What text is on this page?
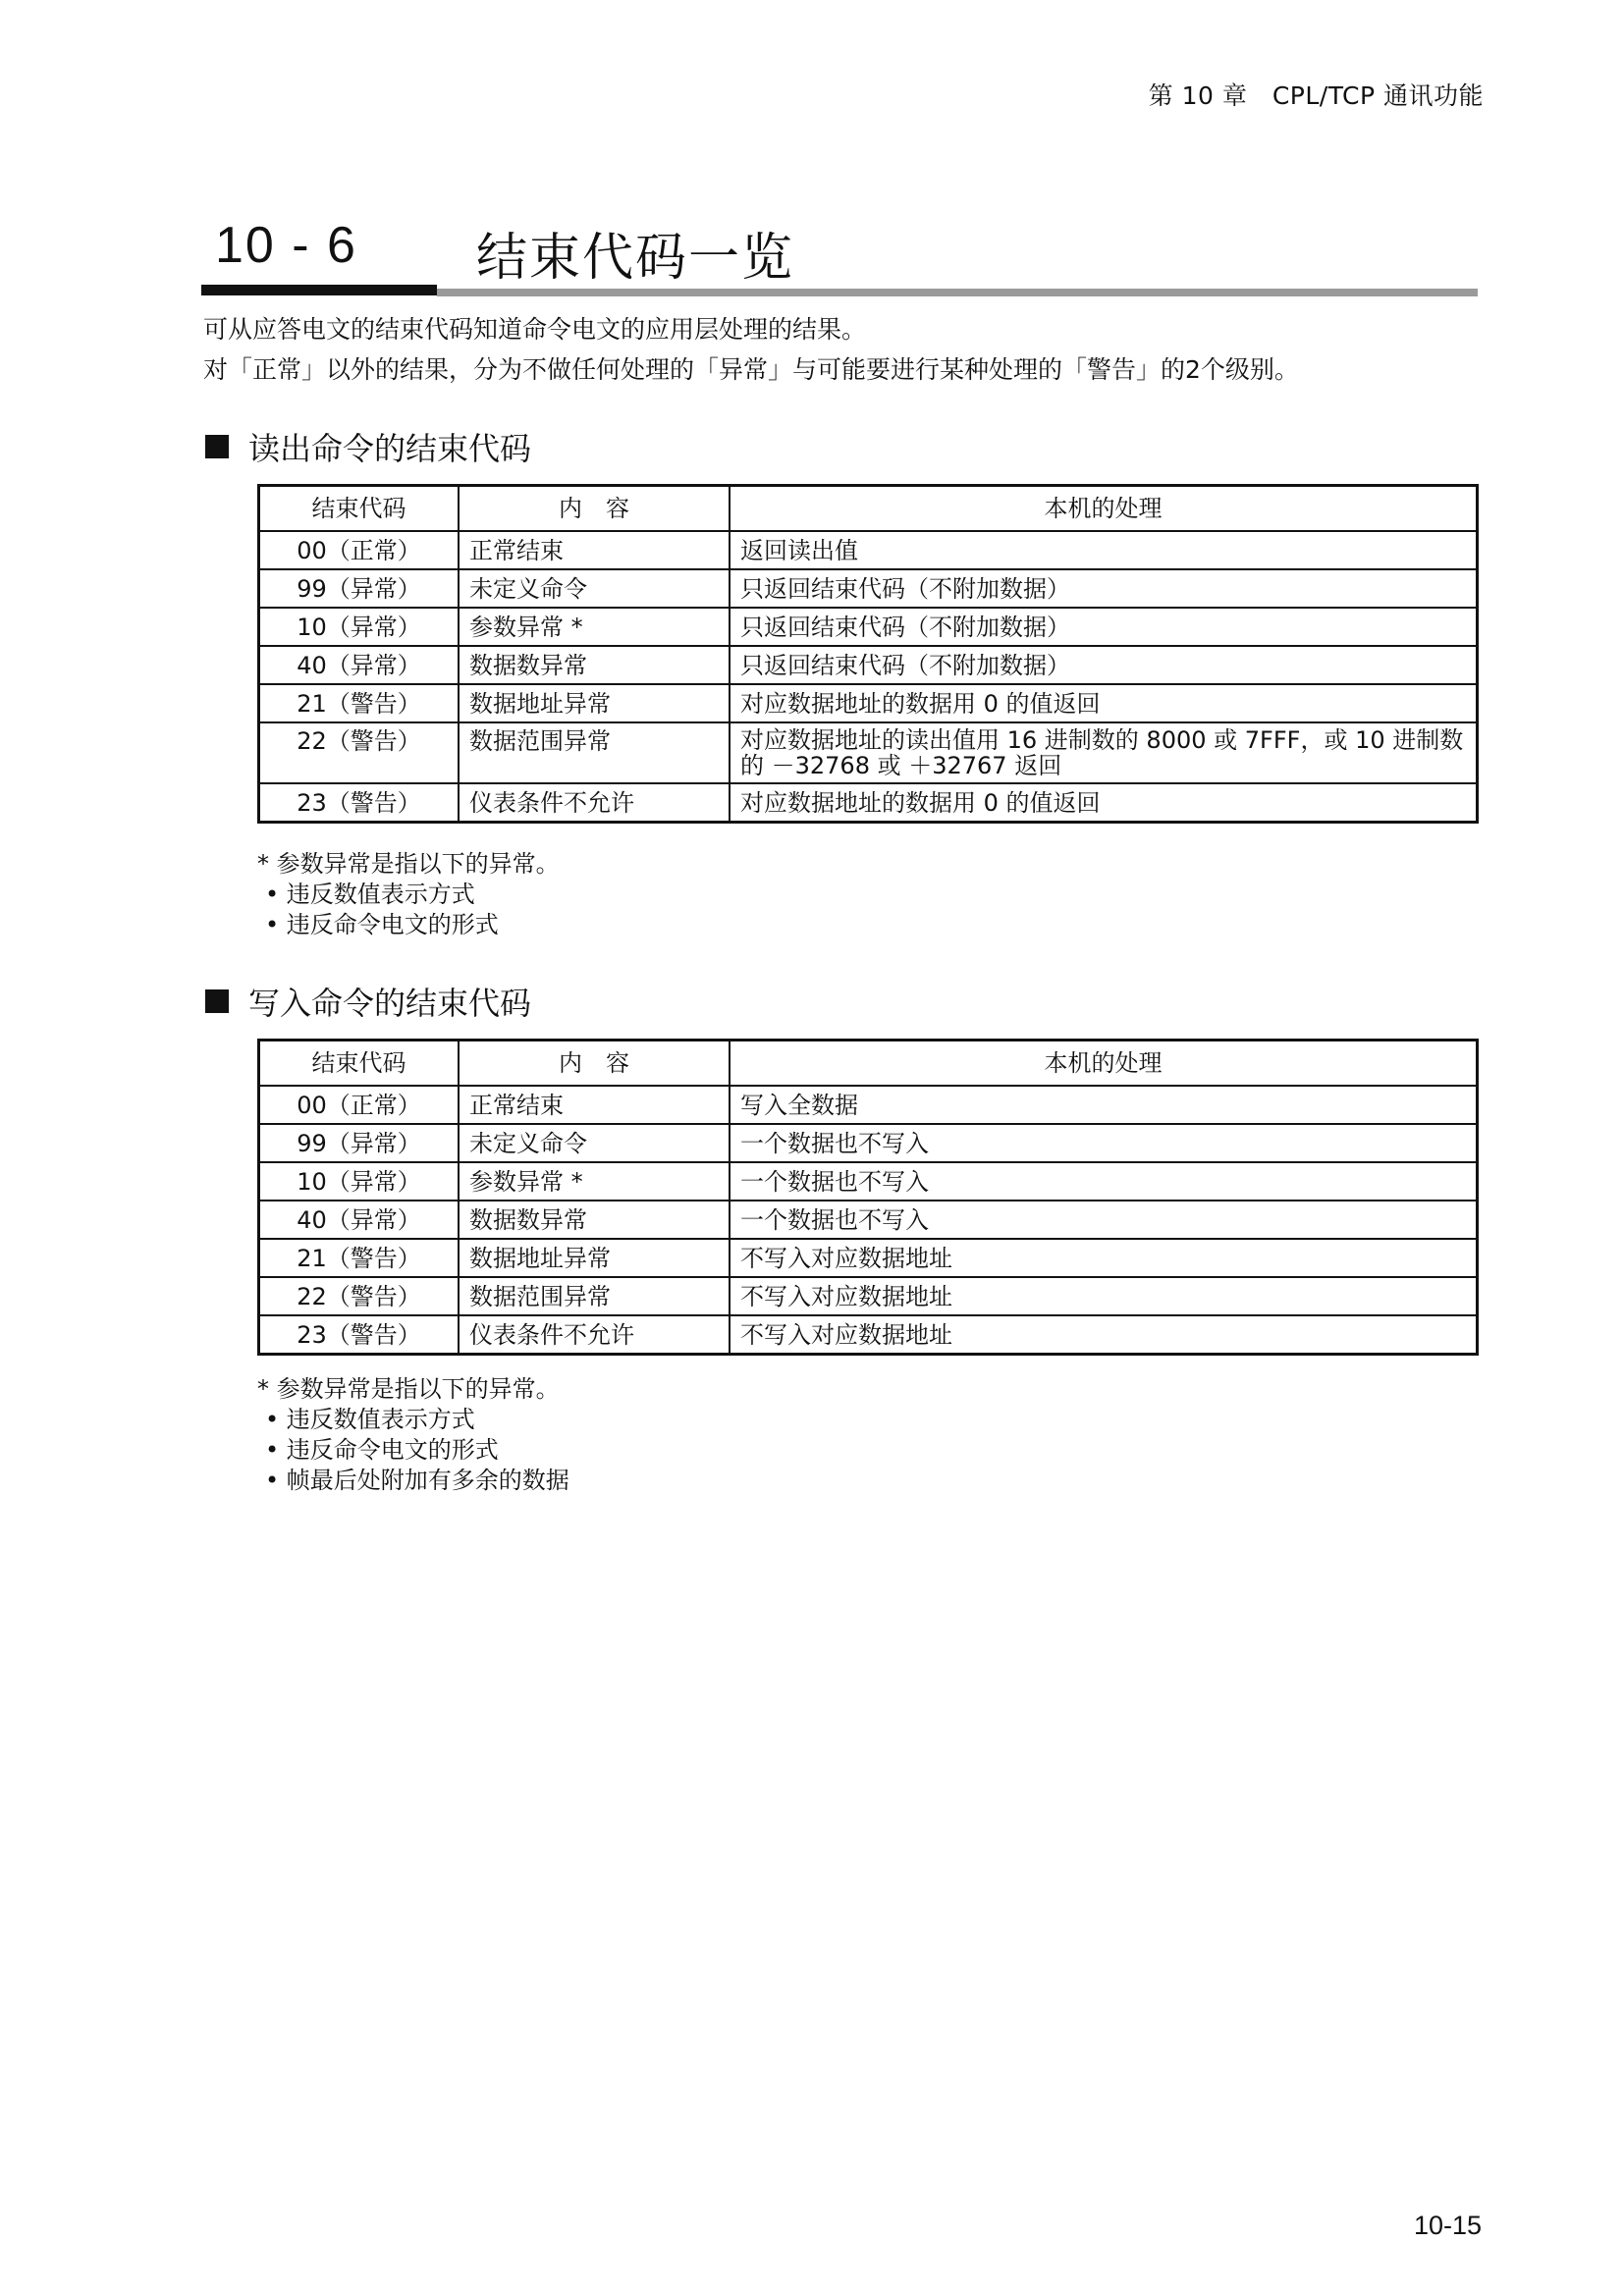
第 10 章　CPL/TCP 通讯功能
10 - 6 结束代码一览

可从应答电文的结束代码知道命令电文的应用层处理的结果。

对「正常」以外的结果，分为不做任何处理的「异常」与可能要进行某种处理的「警告」的2个级别。

读出命令的结束代码
结束代码	内　容	本机的处理
00（正常）	正常结束	返回读出值
99（异常）	未定义命令	只返回结束代码（不附加数据）
10（异常）	参数异常 *	只返回结束代码（不附加数据）
40（异常）	数据数异常	只返回结束代码（不附加数据）
21（警告）	数据地址异常	对应数据地址的数据用 0 的值返回
22（警告）	数据范围异常	对应数据地址的读出值用 16 进制数的 8000 或 7FFF，或 10 进制数的 －32768 或 ＋32767 返回
23（警告）	仪表条件不允许	对应数据地址的数据用 0 的值返回
* 参数异常是指以下的异常。
• 违反数值表示方式
• 违反命令电文的形式
写入命令的结束代码
结束代码	内　容	本机的处理
00（正常）	正常结束	写入全数据
99（异常）	未定义命令	一个数据也不写入
10（异常）	参数异常 *	一个数据也不写入
40（异常）	数据数异常	一个数据也不写入
21（警告）	数据地址异常	不写入对应数据地址
22（警告）	数据范围异常	不写入对应数据地址
23（警告）	仪表条件不允许	不写入对应数据地址
* 参数异常是指以下的异常。
• 违反数值表示方式
• 违反命令电文的形式
• 帧最后处附加有多余的数据
10-15
